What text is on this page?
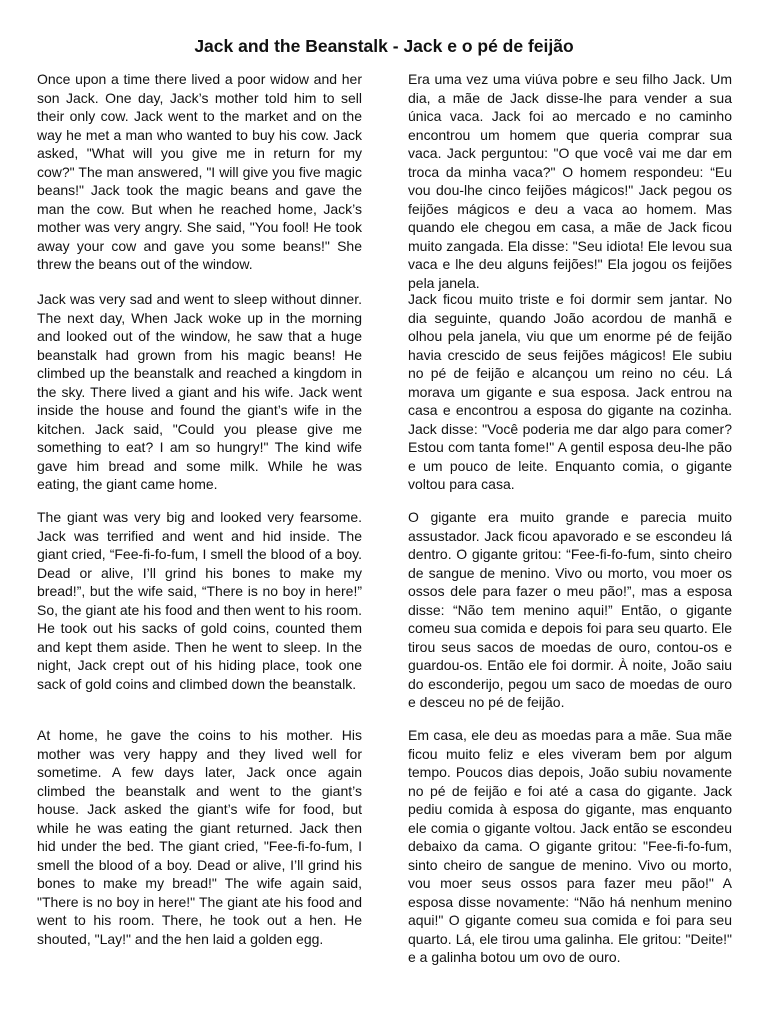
Jack and the Beanstalk - Jack e o pé de feijão

Once upon a time there lived a poor widow and her son Jack. One day, Jack’s mother told him to sell their only cow. Jack went to the market and on the way he met a man who wanted to buy his cow. Jack asked, "What will you give me in return for my cow?" The man answered, "I will give you five magic beans!" Jack took the magic beans and gave the man the cow. But when he reached home, Jack’s mother was very angry. She said, "You fool! He took away your cow and gave you some beans!" She threw the beans out of the window.

Jack was very sad and went to sleep without dinner. The next day, When Jack woke up in the morning and looked out of the window, he saw that a huge beanstalk had grown from his magic beans! He climbed up the beanstalk and reached a kingdom in the sky. There lived a giant and his wife. Jack went inside the house and found the giant’s wife in the kitchen. Jack said, "Could you please give me something to eat? I am so hungry!" The kind wife gave him bread and some milk. While he was eating, the giant came home.

The giant was very big and looked very fearsome. Jack was terrified and went and hid inside. The giant cried, “Fee-fi-fo-fum, I smell the blood of a boy. Dead or alive, I’ll grind his bones to make my bread!”, but the wife said, “There is no boy in here!” So, the giant ate his food and then went to his room. He took out his sacks of gold coins, counted them and kept them aside. Then he went to sleep. In the night, Jack crept out of his hiding place, took one sack of gold coins and climbed down the beanstalk.

At home, he gave the coins to his mother. His mother was very happy and they lived well for sometime. A few days later, Jack once again climbed the beanstalk and went to the giant’s house. Jack asked the giant’s wife for food, but while he was eating the giant returned. Jack then hid under the bed. The giant cried, "Fee-fi-fo-fum, I smell the blood of a boy. Dead or alive, I’ll grind his bones to make my bread!" The wife again said, "There is no boy in here!" The giant ate his food and went to his room. There, he took out a hen. He shouted, "Lay!" and the hen laid a golden egg.

Era uma vez uma viúva pobre e seu filho Jack. Um dia, a mãe de Jack disse-lhe para vender a sua única vaca. Jack foi ao mercado e no caminho encontrou um homem que queria comprar sua vaca. Jack perguntou: "O que você vai me dar em troca da minha vaca?" O homem respondeu: “Eu vou dou-lhe cinco feijões mágicos!" Jack pegou os feijões mágicos e deu a vaca ao homem. Mas quando ele chegou em casa, a mãe de Jack ficou muito zangada. Ela disse: "Seu idiota! Ele levou sua vaca e lhe deu alguns feijões!" Ela jogou os feijões pela janela.

Jack ficou muito triste e foi dormir sem jantar. No dia seguinte, quando João acordou de manhã e olhou pela janela, viu que um enorme pé de feijão havia crescido de seus feijões mágicos! Ele subiu no pé de feijão e alcançou um reino no céu. Lá morava um gigante e sua esposa. Jack entrou na casa e encontrou a esposa do gigante na cozinha. Jack disse: "Você poderia me dar algo para comer? Estou com tanta fome!" A gentil esposa deu-lhe pão e um pouco de leite. Enquanto comia, o gigante voltou para casa.

O gigante era muito grande e parecia muito assustador. Jack ficou apavorado e se escondeu lá dentro. O gigante gritou: “Fee-fi-fo-fum, sinto cheiro de sangue de menino. Vivo ou morto, vou moer os ossos dele para fazer o meu pão!”, mas a esposa disse: “Não tem menino aqui!” Então, o gigante comeu sua comida e depois foi para seu quarto. Ele tirou seus sacos de moedas de ouro, contou-os e guardou-os. Então ele foi dormir. À noite, João saiu do esconderijo, pegou um saco de moedas de ouro e desceu no pé de feijão.

Em casa, ele deu as moedas para a mãe. Sua mãe ficou muito feliz e eles viveram bem por algum tempo. Poucos dias depois, João subiu novamente no pé de feijão e foi até a casa do gigante. Jack pediu comida à esposa do gigante, mas enquanto ele comia o gigante voltou. Jack então se escondeu debaixo da cama. O gigante gritou: "Fee-fi-fo-fum, sinto cheiro de sangue de menino. Vivo ou morto, vou moer seus ossos para fazer meu pão!" A esposa disse novamente: “Não há nenhum menino aqui!" O gigante comeu sua comida e foi para seu quarto. Lá, ele tirou uma galinha. Ele gritou: "Deite!" e a galinha botou um ovo de ouro.
